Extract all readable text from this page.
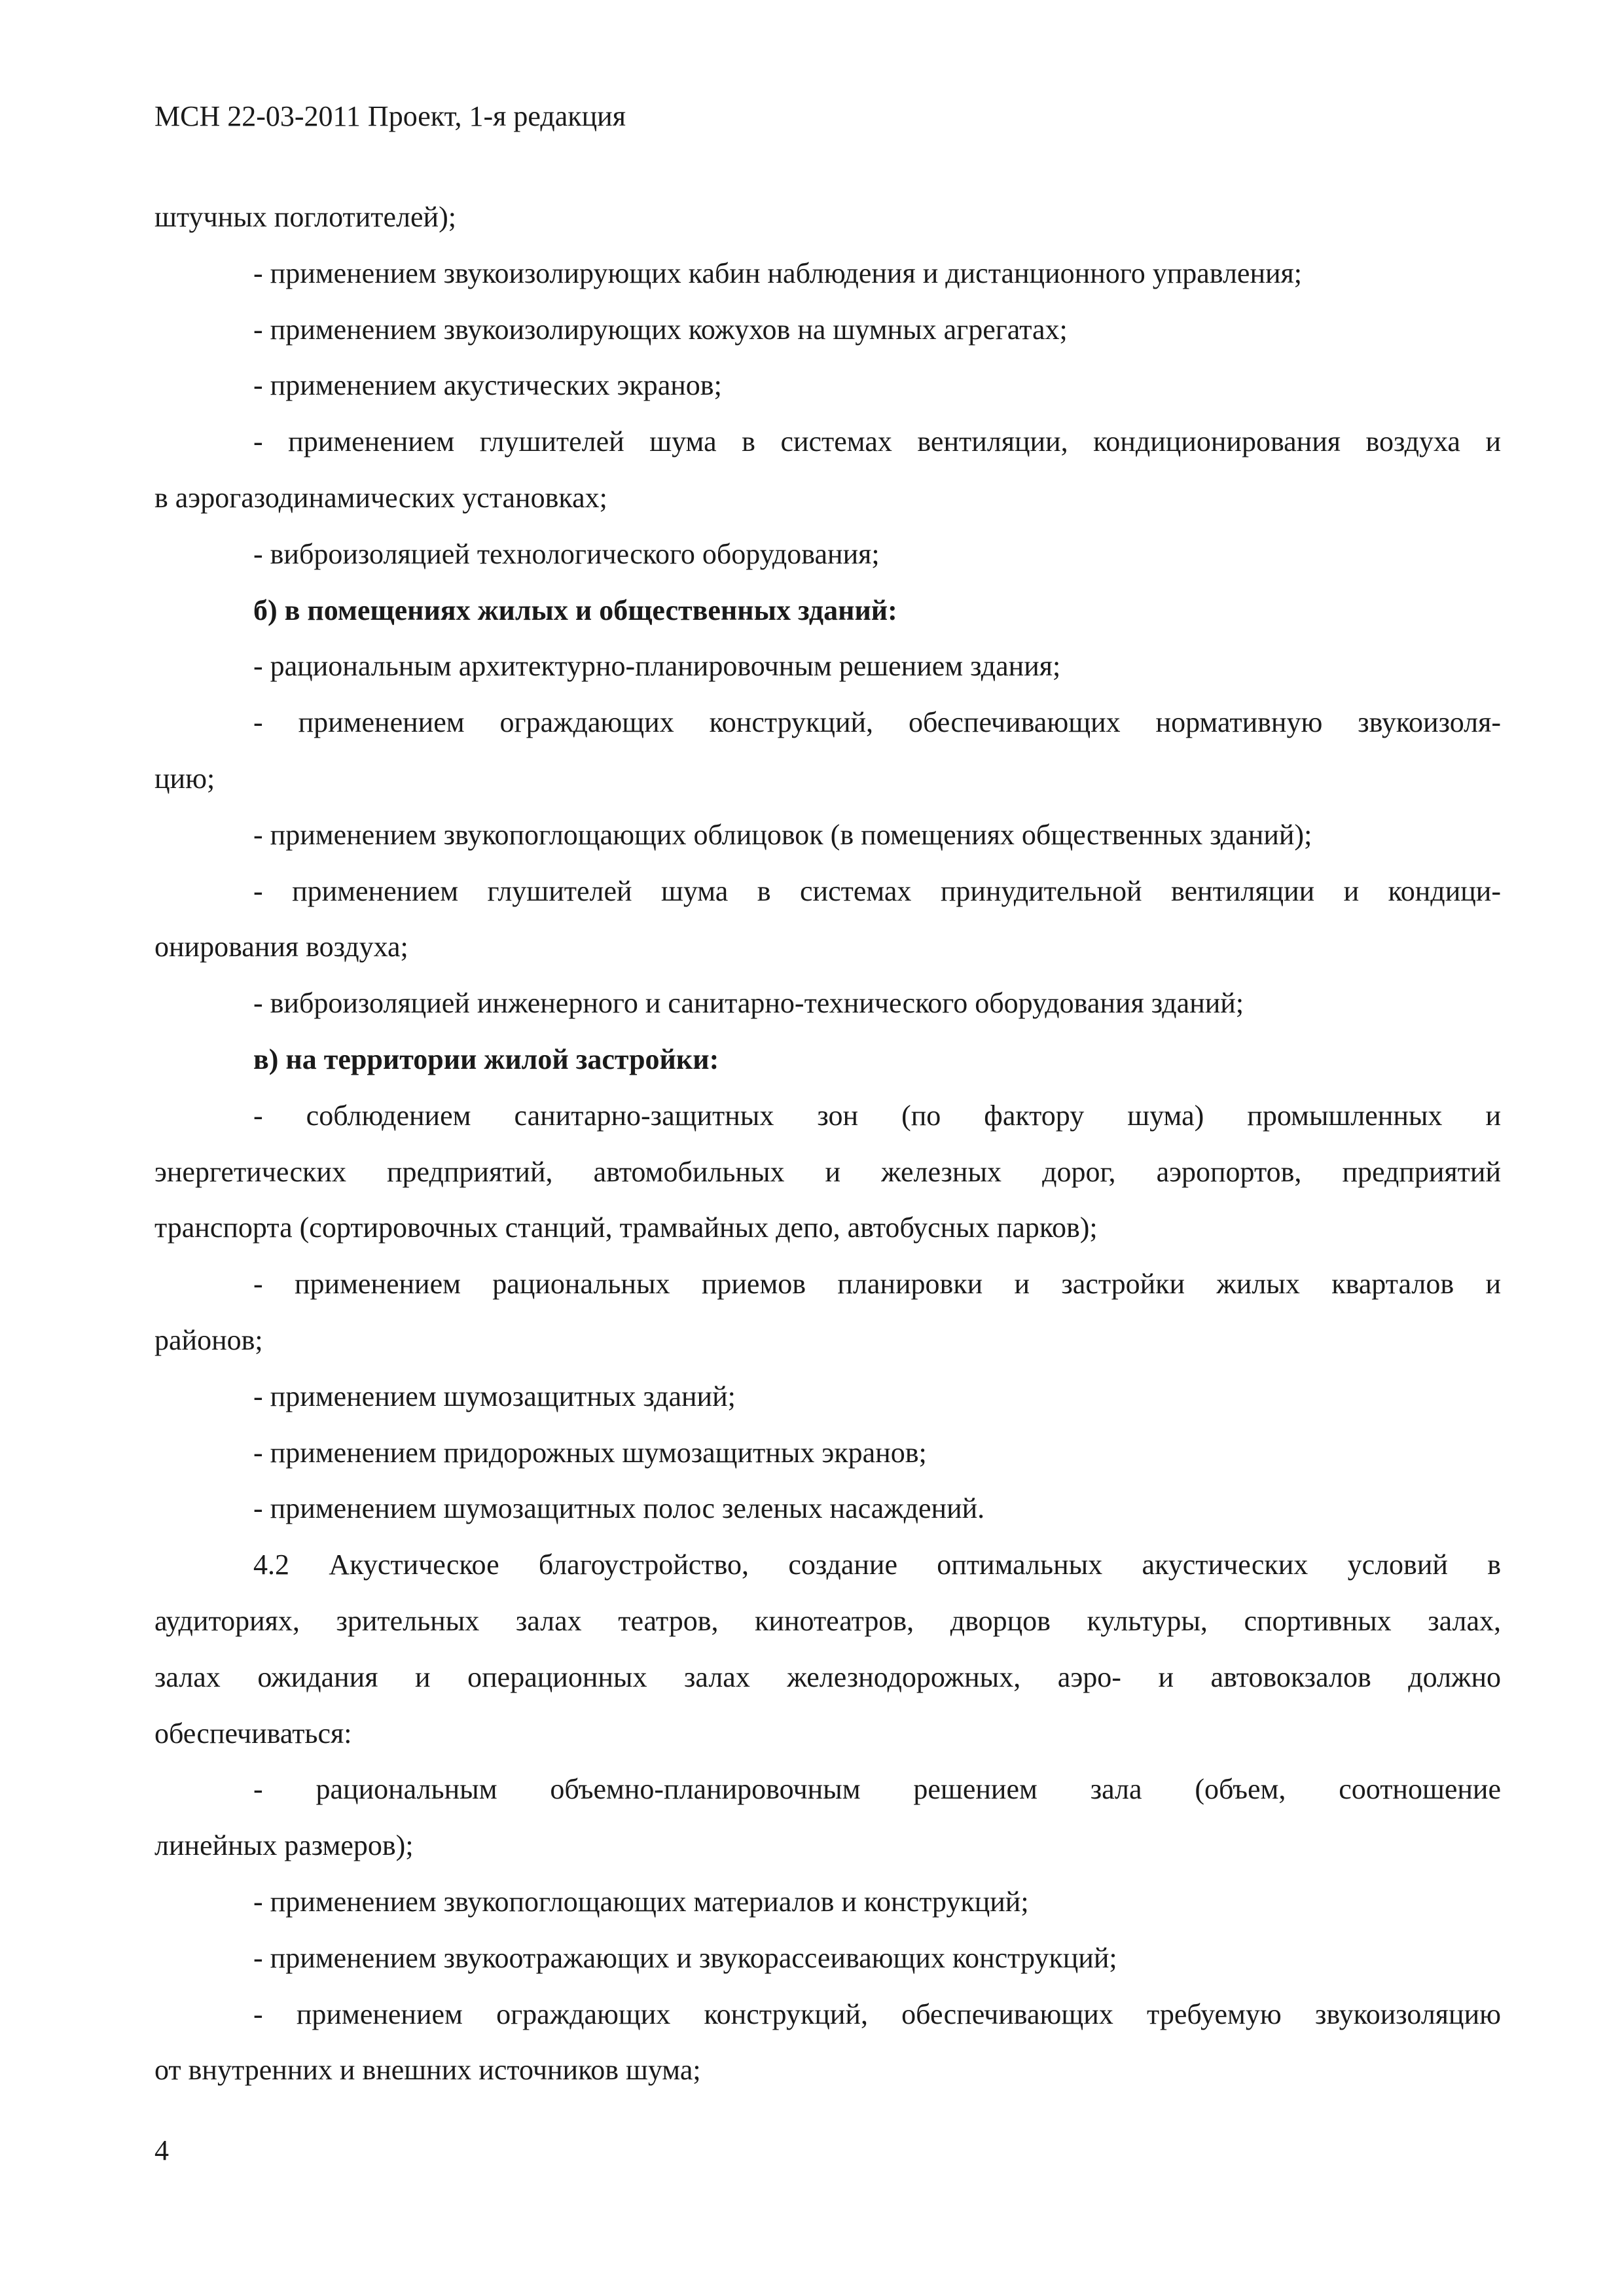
МСН 22-03-2011 Проект, 1-я редакция
штучных поглотителей);
- применением звукоизолирующих кабин наблюдения и дистанционного управления;
- применением звукоизолирующих кожухов на шумных агрегатах;
- применением акустических экранов;
- применением глушителей шума в системах вентиляции, кондиционирования воздуха и
в аэрогазодинамических установках;
- виброизоляцией технологического оборудования;
б) в помещениях жилых и общественных зданий:
- рациональным архитектурно-планировочным решением здания;
- применением ограждающих конструкций, обеспечивающих нормативную звукоизоля-
цию;
- применением звукопоглощающих облицовок (в помещениях общественных зданий);
- применением глушителей шума в системах принудительной вентиляции и кондици-
онирования воздуха;
- виброизоляцией инженерного и санитарно-технического оборудования зданий;
в) на территории жилой застройки:
- соблюдением санитарно-защитных зон (по фактору шума) промышленных и
энергетических предприятий, автомобильных и железных дорог, аэропортов, предприятий
транспорта (сортировочных станций, трамвайных депо, автобусных парков);
- применением рациональных приемов планировки и застройки жилых кварталов и
районов;
- применением шумозащитных зданий;
- применением придорожных шумозащитных экранов;
- применением шумозащитных полос зеленых насаждений.
4.2 Акустическое благоустройство, создание оптимальных акустических условий в
аудиториях, зрительных залах театров, кинотеатров, дворцов культуры, спортивных залах,
залах ожидания и операционных залах железнодорожных, аэро- и автовокзалов должно
обеспечиваться:
- рациональным объемно-планировочным решением зала (объем, соотношение
линейных размеров);
- применением звукопоглощающих материалов и конструкций;
- применением звукоотражающих и звукорассеивающих конструкций;
- применением ограждающих конструкций, обеспечивающих требуемую звукоизоляцию
от внутренних и внешних источников шума;
4
